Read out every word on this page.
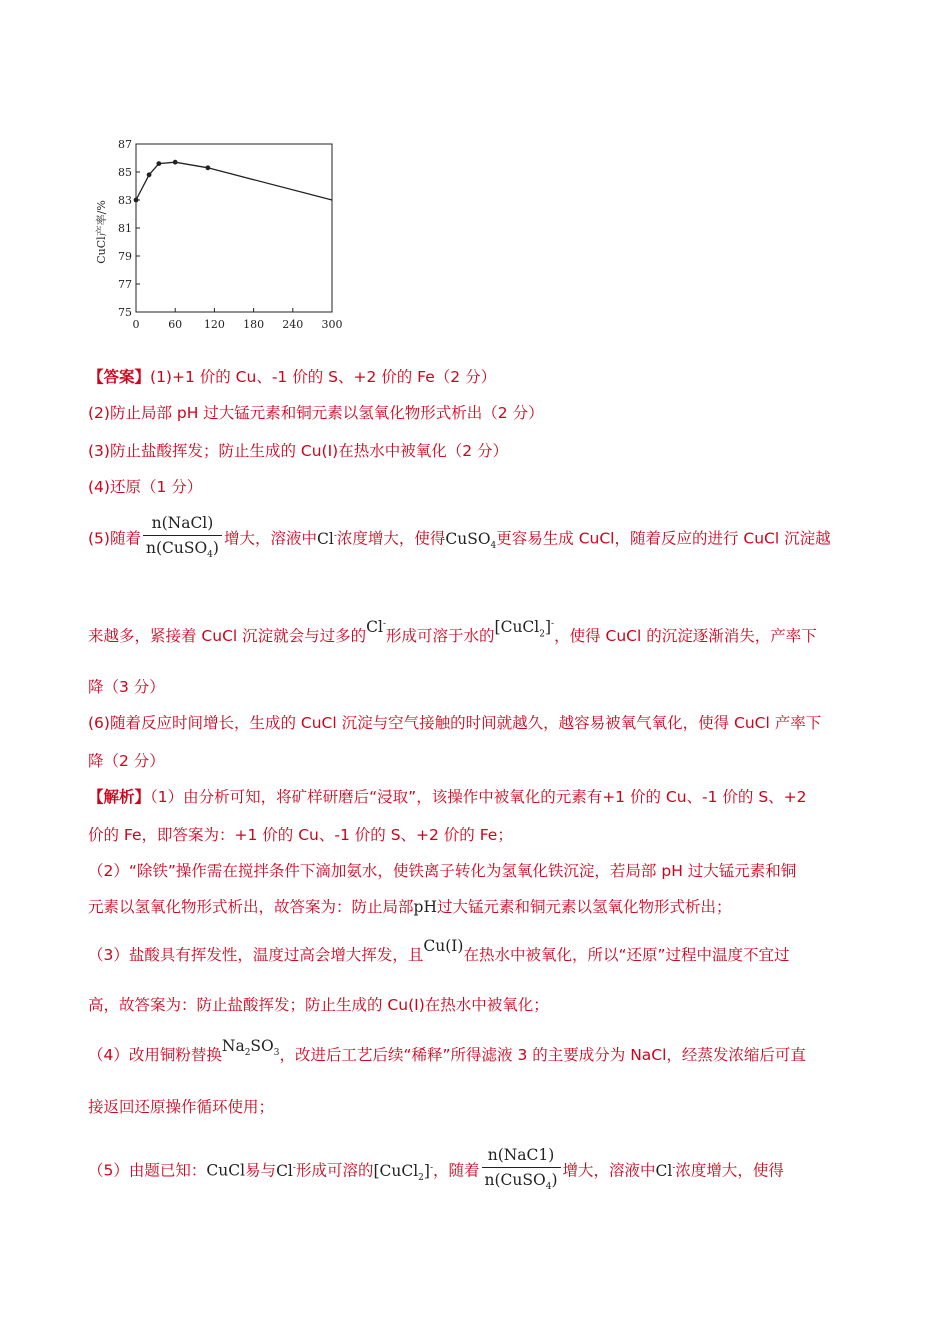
75
77
79
81
83
85
87
0	60 120 180 240 300
CuCl产率/%
【答案】(1)+1 价的 Cu、-1 价的 S、+2 价的 Fe（2 分）
(2)防止局部 pH 过大锰元素和铜元素以氢氧化物形式析出（2 分）
(3)防止盐酸挥发；防止生成的 Cu(I)在热水中被氧化（2 分）
(4)还原（1 分）
(5)随着 $\frac{\text{n(NaCl)}}{n(CuSO_4)}$ 增大，溶液中Cl-浓度增大，使得CuSO$_4$更容易生成 CuCl，随着反应的进行 CuCl 沉淀越
来越多，紧接着 CuCl 沉淀就会与过多的Cl-形成可溶于水的[CuCl$_2$]-，使得 CuCl 的沉淀逐渐消失，产率下
降（3 分）
(6)随着反应时间增长，生成的 CuCl 沉淀与空气接触的时间就越久，越容易被氧气氧化，使得 CuCl 产率下
降（2 分）
【解析】（1）由分析可知，将矿样研磨后“浸取”，该操作中被氧化的元素有+1 价的 Cu、-1 价的 S、+2
价的 Fe，即答案为：+1 价的 Cu、-1 价的 S、+2 价的 Fe；
（2）“除铁”操作需在搅拌条件下滴加氨水，使铁离子转化为氢氧化铁沉淀，若局部 pH 过大锰元素和铜
元素以氢氧化物形式析出，故答案为：防止局部pH过大锰元素和铜元素以氢氧化物形式析出；
（3）盐酸具有挥发性，温度过高会增大挥发，且Cu(Ⅰ)在热水中被氧化，所以“还原”过程中温度不宜过
高，故答案为：防止盐酸挥发；防止生成的 Cu(I)在热水中被氧化；
（4）改用铜粉替换$Na_2SO_3$，改进后工艺后续“稀释”所得滤液 3 的主要成分为 NaCl，经蒸发浓缩后可直
接返回还原操作循环使用；
（5）由题已知：CuCl易与Cl-形成可溶的[CuCl$_2$]-，随着 $\frac{\text{n(NaC1)}}{n(CuSO_4)}$ 增大，溶液中Cl-浓度增大，使得
